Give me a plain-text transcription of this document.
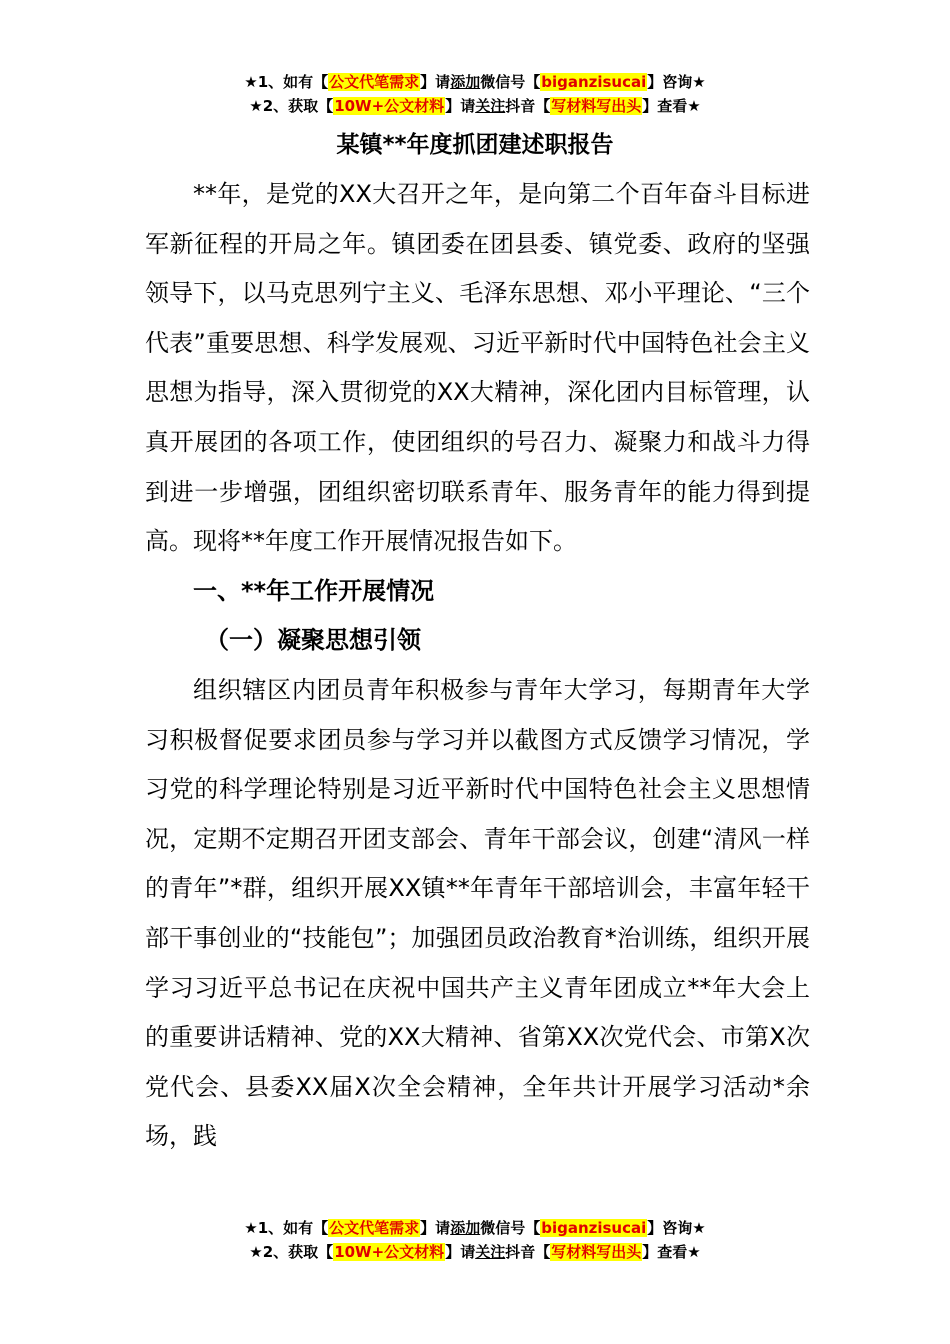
★1、如有【公文代笔需求】请添加微信号【biganzisucai】咨询★
★2、获取【10W+公文材料】请关注抖音【写材料写出头】查看★
某镇**年度抓团建述职报告

**年，是党的XX大召开之年，是向第二个百年奋斗目标进军新征程的开局之年。镇团委在团县委、镇党委、政府的坚强领导下，以马克思列宁主义、毛泽东思想、邓小平理论、“三个代表”重要思想、科学发展观、习近平新时代中国特色社会主义思想为指导，深入贯彻党的XX大精神，深化团内目标管理，认真开展团的各项工作，使团组织的号召力、凝聚力和战斗力得到进一步增强，团组织密切联系青年、服务青年的能力得到提高。现将**年度工作开展情况报告如下。

一、**年工作开展情况

（一）凝聚思想引领

组织辖区内团员青年积极参与青年大学习，每期青年大学习积极督促要求团员参与学习并以截图方式反馈学习情况，学习党的科学理论特别是习近平新时代中国特色社会主义思想情况，定期不定期召开团支部会、青年干部会议，创建“清风一样的青年”*群，组织开展XX镇**年青年干部培训会，丰富年轻干部干事创业的“技能包”；加强团员政治教育*治训练，组织开展学习习近平总书记在庆祝中国共产主义青年团成立**年大会上的重要讲话精神、党的XX大精神、省第XX次党代会、市第X次党代会、县委XX届X次全会精神，全年共计开展学习活动*余场，践

★1、如有【公文代笔需求】请添加微信号【biganzisucai】咨询★
★2、获取【10W+公文材料】请关注抖音【写材料写出头】查看★
